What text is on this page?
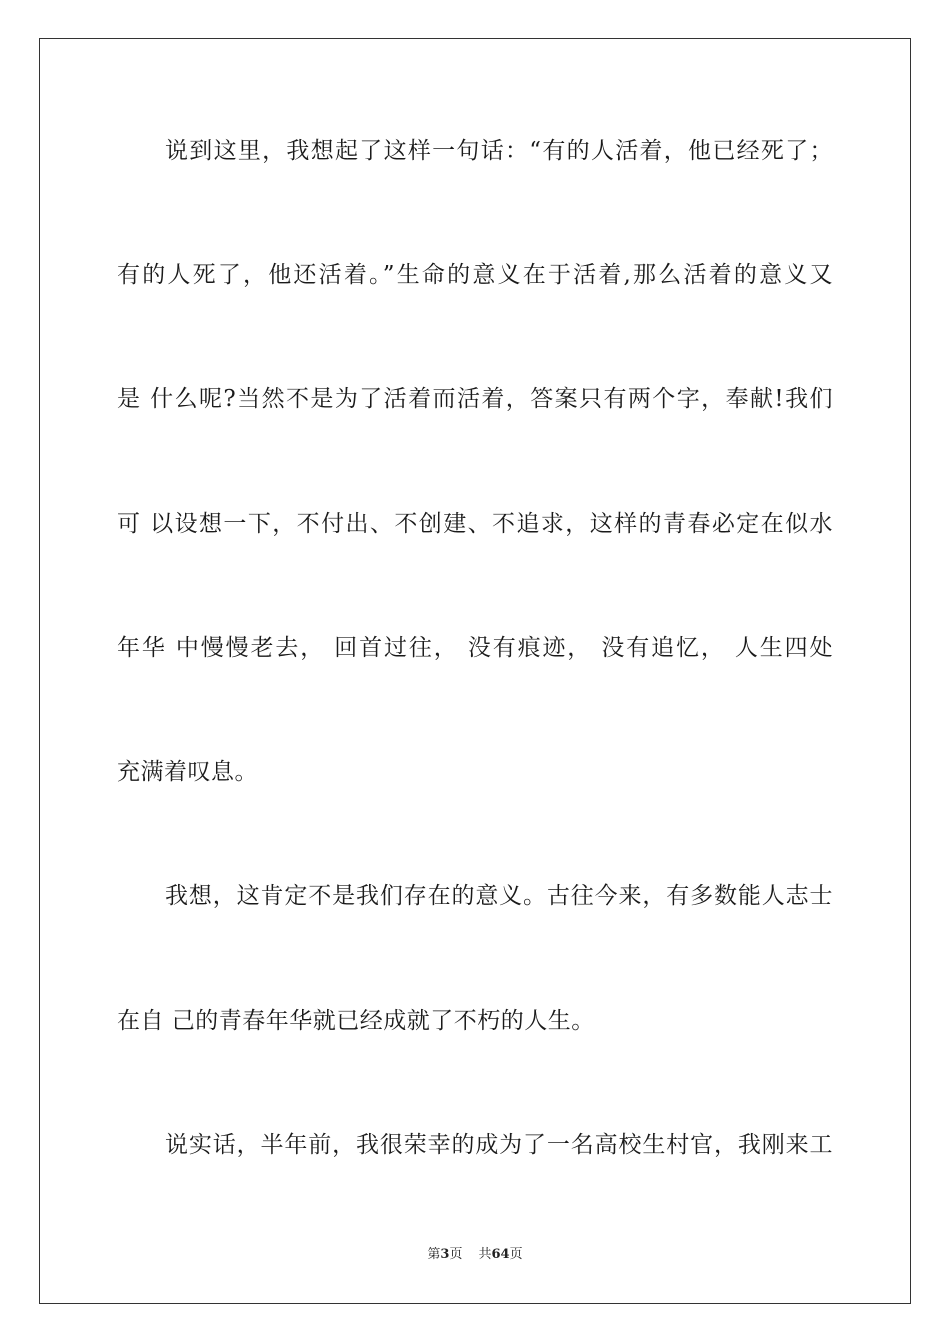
说到这里，我想起了这样一句话：“有的人活着，他已经死了；
有的人死了，他还活着。”生命的意义在于活着,那么活着的意义又
是 什么呢?当然不是为了活着而活着，答案只有两个字，奉献!我们
可 以设想一下，不付出、不创建、不追求，这样的青春必定在似水
年华 中慢慢老去， 回首过往， 没有痕迹， 没有追忆， 人生四处
充满着叹息。
我想，这肯定不是我们存在的意义。古往今来，有多数能人志士
在自 己的青春年华就已经成就了不朽的人生。
说实话，半年前，我很荣幸的成为了一名高校生村官，我刚来工
第3页 共64页
